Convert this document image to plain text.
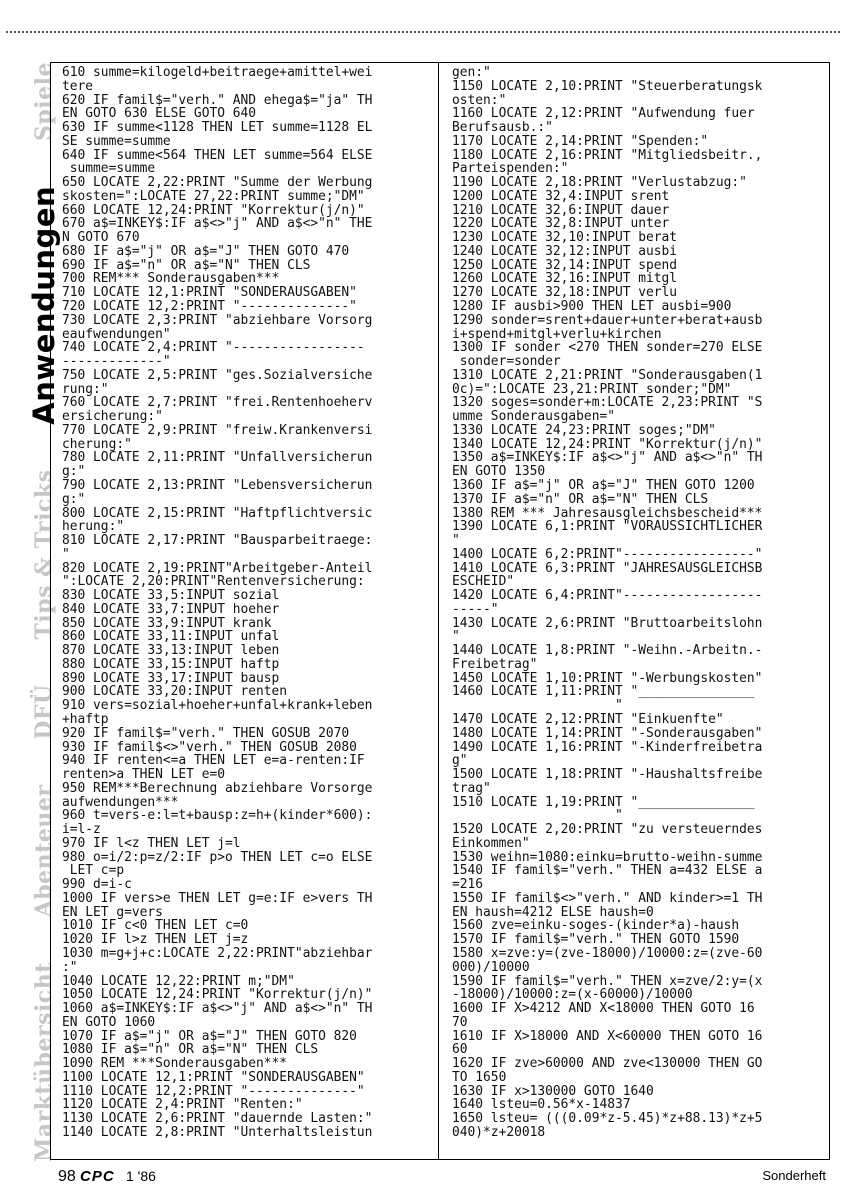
Spiele
Anwendungen
Tips & Tricks
DFÜ
Abenteuer
Marktübersicht
610 summe=kilogeld+beitraege+amittel+wei
tere
620 IF famil$="verh." AND ehega$="ja" TH
EN GOTO 630 ELSE GOTO 640
630 IF summe<1128 THEN LET summe=1128 EL
SE summe=summe
640 IF summe<564 THEN LET summe=564 ELSE
summe=summe
650 LOCATE 2,22:PRINT "Summe der Werbung
skosten=":LOCATE 27,22:PRINT summe;"DM"
660 LOCATE 12,24:PRINT "Korrektur(j/n)"
670 a$=INKEY$:IF a$<>"j" AND a$<>"n" THE
N GOTO 670
680 IF a$="j" OR a$="J" THEN GOTO 470
690 IF a$="n" OR a$="N" THEN CLS
700 REM*** Sonderausgaben***
710 LOCATE 12,1:PRINT "SONDERAUSGABEN"
720 LOCATE 12,2:PRINT "--------------"
730 LOCATE 2,3:PRINT "abziehbare Vorsorg
eaufwendungen"
740 LOCATE 2,4:PRINT "-----------------
-------------"
750 LOCATE 2,5:PRINT "ges.Sozialversiche
rung:"
760 LOCATE 2,7:PRINT "frei.Rentenhoeherv
ersicherung:"
770 LOCATE 2,9:PRINT "freiw.Krankenversi
cherung:"
780 LOCATE 2,11:PRINT "Unfallversicherun
g:"
790 LOCATE 2,13:PRINT "Lebensversicherun
g:"
800 LOCATE 2,15:PRINT "Haftpflichtversic
herung:"
810 LOCATE 2,17:PRINT "Bausparbeitraege:
"
820 LOCATE 2,19:PRINT"Arbeitgeber-Anteil
":LOCATE 2,20:PRINT"Rentenversicherung:
830 LOCATE 33,5:INPUT sozial
840 LOCATE 33,7:INPUT hoeher
850 LOCATE 33,9:INPUT krank
860 LOCATE 33,11:INPUT unfal
870 LOCATE 33,13:INPUT leben
880 LOCATE 33,15:INPUT haftp
890 LOCATE 33,17:INPUT bausp
900 LOCATE 33,20:INPUT renten
910 vers=sozial+hoeher+unfal+krank+leben
+haftp
920 IF famil$="verh." THEN GOSUB 2070
930 IF famil$<>"verh." THEN GOSUB 2080
940 IF renten<=a THEN LET e=a-renten:IF
renten>a THEN LET e=0
950 REM***Berechnung abziehbare Vorsorge
aufwendungen***
960 t=vers-e:l=t+bausp:z=h+(kinder*600):
i=l-z
970 IF l<z THEN LET j=l
980 o=i/2:p=z/2:IF p>o THEN LET c=o ELSE
LET c=p
990 d=i-c
1000 IF vers>e THEN LET g=e:IF e>vers TH
EN LET g=vers
1010 IF c<0 THEN LET c=0
1020 IF l>z THEN LET j=z
1030 m=g+j+c:LOCATE 2,22:PRINT"abziehbar
:"
1040 LOCATE 12,22:PRINT m;"DM"
1050 LOCATE 12,24:PRINT "Korrektur(j/n)"
1060 a$=INKEY$:IF a$<>"j" AND a$<>"n" TH
EN GOTO 1060
1070 IF a$="j" OR a$="J" THEN GOTO 820
1080 IF a$="n" OR a$="N" THEN CLS
1090 REM ***Sonderausgaben***
1100 LOCATE 12,1:PRINT "SONDERAUSGABEN"
1110 LOCATE 12,2:PRINT "--------------"
1120 LOCATE 2,4:PRINT "Renten:"
1130 LOCATE 2,6:PRINT "dauernde Lasten:"
1140 LOCATE 2,8:PRINT "Unterhaltsleistun
gen:"
1150 LOCATE 2,10:PRINT "Steuerberatungsk
osten:"
1160 LOCATE 2,12:PRINT "Aufwendung fuer
Berufsausb.:"
1170 LOCATE 2,14:PRINT "Spenden:"
1180 LOCATE 2,16:PRINT "Mitgliedsbeitr.,
Parteispenden:"
1190 LOCATE 2,18:PRINT "Verlustabzug:"
1200 LOCATE 32,4:INPUT srent
1210 LOCATE 32,6:INPUT dauer
1220 LOCATE 32,8:INPUT unter
1230 LOCATE 32,10:INPUT berat
1240 LOCATE 32,12:INPUT ausbi
1250 LOCATE 32,14:INPUT spend
1260 LOCATE 32,16:INPUT mitgl
1270 LOCATE 32,18:INPUT verlu
1280 IF ausbi>900 THEN LET ausbi=900
1290 sonder=srent+dauer+unter+berat+ausb
i+spend+mitgl+verlu+kirchen
1300 IF sonder <270 THEN sonder=270 ELSE
sonder=sonder
1310 LOCATE 2,21:PRINT "Sonderausgaben(1
0c)=":LOCATE 23,21:PRINT sonder;"DM"
1320 soges=sonder+m:LOCATE 2,23:PRINT "S
umme Sonderausgaben="
1330 LOCATE 24,23:PRINT soges;"DM"
1340 LOCATE 12,24:PRINT "Korrektur(j/n)"
1350 a$=INKEY$:IF a$<>"j" AND a$<>"n" TH
EN GOTO 1350
1360 IF a$="j" OR a$="J" THEN GOTO 1200
1370 IF a$="n" OR a$="N" THEN CLS
1380 REM *** Jahresausgleichsbescheid***
1390 LOCATE 6,1:PRINT "VORAUSSICHTLICHER
"
1400 LOCATE 6,2:PRINT"-----------------"
1410 LOCATE 6,3:PRINT "JAHRESAUSGLEICHSB
ESCHEID"
1420 LOCATE 6,4:PRINT"------------------
-----"
1430 LOCATE 2,6:PRINT "Bruttoarbeitslohn
"
1440 LOCATE 1,8:PRINT "-Weihn.-Arbeitn.-
Freibetrag"
1450 LOCATE 1,10:PRINT "-Werbungskosten"
1460 LOCATE 1,11:PRINT "_______________
"
1470 LOCATE 2,12:PRINT "Einkuenfte"
1480 LOCATE 1,14:PRINT "-Sonderausgaben"
1490 LOCATE 1,16:PRINT "-Kinderfreibetra
g"
1500 LOCATE 1,18:PRINT "-Haushaltsfreibe
trag"
1510 LOCATE 1,19:PRINT "_______________
"
1520 LOCATE 2,20:PRINT "zu versteuerndes
Einkommen"
1530 weihn=1080:einku=brutto-weihn-summe
1540 IF famil$="verh." THEN a=432 ELSE a
=216
1550 IF famil$<>"verh." AND kinder>=1 TH
EN haush=4212 ELSE haush=0
1560 zve=einku-soges-(kinder*a)-haush
1570 IF famil$="verh." THEN GOTO 1590
1580 x=zve:y=(zve-18000)/10000:z=(zve-60
000)/10000
1590 IF famil$="verh." THEN x=zve/2:y=(x
-18000)/10000:z=(x-60000)/10000
1600 IF X>4212 AND X<18000 THEN GOTO 16
70
1610 IF X>18000 AND X<60000 THEN GOTO 16
60
1620 IF zve>60000 AND zve<130000 THEN GO
TO 1650
1630 IF x>130000 GOTO 1640
1640 lsteu=0.56*x-14837
1650 lsteu= (((0.09*z-5.45)*z+88.13)*z+5
040)*z+20018
98 CPC 1 '86	Sonderheft
